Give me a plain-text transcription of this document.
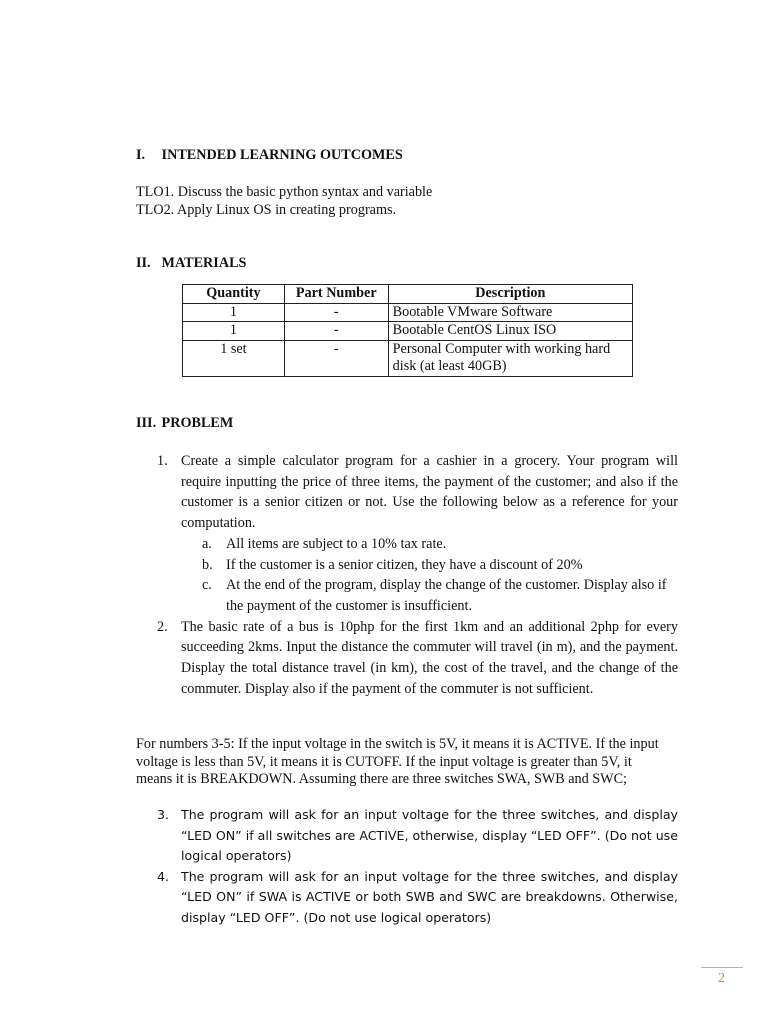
I. INTENDED LEARNING OUTCOMES
TLO1. Discuss the basic python syntax and variable
TLO2. Apply Linux OS in creating programs.
II. MATERIALS
Quantity	Part Number	Description
1	-	Bootable VMware Software
1	-	Bootable CentOS Linux ISO
1 set	-	Personal Computer with working hard disk (at least 40GB)
III. PROBLEM
1. Create a simple calculator program for a cashier in a grocery. Your program will require inputting the price of three items, the payment of the customer; and also if the customer is a senior citizen or not. Use the following below as a reference for your computation.
a. All items are subject to a 10% tax rate.
b. If the customer is a senior citizen, they have a discount of 20%
c. At the end of the program, display the change of the customer. Display also if the payment of the customer is insufficient.
2. The basic rate of a bus is 10php for the first 1km and an additional 2php for every succeeding 2kms. Input the distance the commuter will travel (in m), and the payment. Display the total distance travel (in km), the cost of the travel, and the change of the commuter. Display also if the payment of the commuter is not sufficient.
For numbers 3-5: If the input voltage in the switch is 5V, it means it is ACTIVE. If the input voltage is less than 5V, it means it is CUTOFF. If the input voltage is greater than 5V, it means it is BREAKDOWN. Assuming there are three switches SWA, SWB and SWC;
3. The program will ask for an input voltage for the three switches, and display “LED ON” if all switches are ACTIVE, otherwise, display “LED OFF”. (Do not use logical operators)
4. The program will ask for an input voltage for the three switches, and display “LED ON” if SWA is ACTIVE or both SWB and SWC are breakdowns. Otherwise, display “LED OFF”. (Do not use logical operators)
2
